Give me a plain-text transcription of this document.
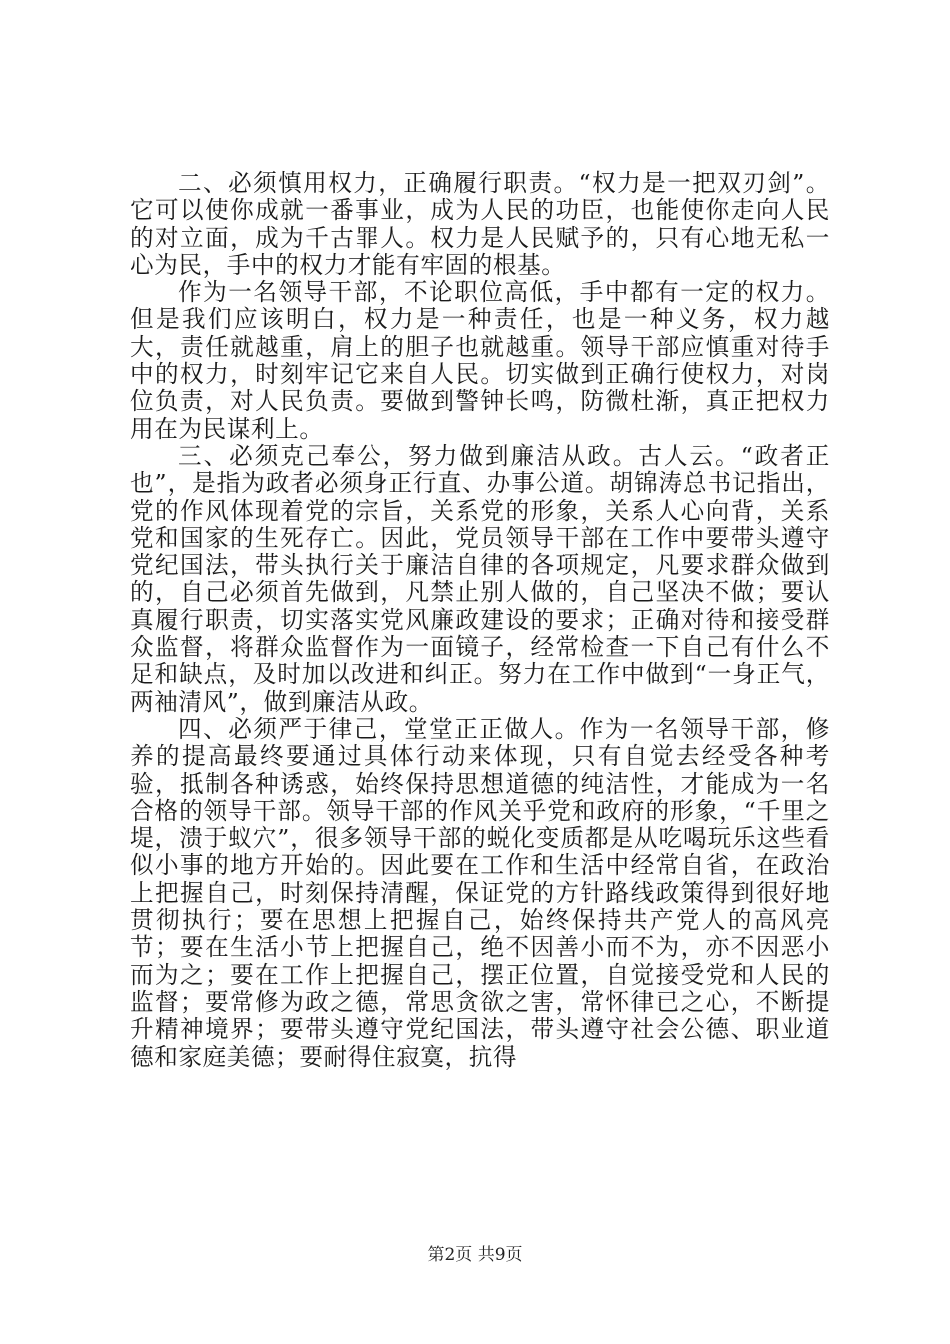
二、必须慎用权力，正确履行职责。“权力是一把双刃剑”。它可以使你成就一番事业，成为人民的功臣，也能使你走向人民的对立面，成为千古罪人。权力是人民赋予的，只有心地无私一心为民，手中的权力才能有牢固的根基。

作为一名领导干部，不论职位高低，手中都有一定的权力。但是我们应该明白，权力是一种责任，也是一种义务，权力越大，责任就越重，肩上的胆子也就越重。领导干部应慎重对待手中的权力，时刻牢记它来自人民。切实做到正确行使权力，对岗位负责，对人民负责。要做到警钟长鸣，防微杜渐，真正把权力用在为民谋利上。

三、必须克己奉公，努力做到廉洁从政。古人云。“政者正也”，是指为政者必须身正行直、办事公道。胡锦涛总书记指出，党的作风体现着党的宗旨，关系党的形象，关系人心向背，关系党和国家的生死存亡。因此，党员领导干部在工作中要带头遵守党纪国法，带头执行关于廉洁自律的各项规定，凡要求群众做到的，自己必须首先做到，凡禁止别人做的，自己坚决不做；要认真履行职责，切实落实党风廉政建设的要求；正确对待和接受群众监督，将群众监督作为一面镜子，经常检查一下自己有什么不足和缺点，及时加以改进和纠正。努力在工作中做到“一身正气，两袖清风”，做到廉洁从政。

四、必须严于律己，堂堂正正做人。作为一名领导干部，修养的提高最终要通过具体行动来体现，只有自觉去经受各种考验，抵制各种诱惑，始终保持思想道德的纯洁性，才能成为一名合格的领导干部。领导干部的作风关乎党和政府的形象，“千里之堤，溃于蚁穴”，很多领导干部的蜕化变质都是从吃喝玩乐这些看似小事的地方开始的。因此要在工作和生活中经常自省，在政治上把握自己，时刻保持清醒，保证党的方针路线政策得到很好地贯彻执行；要在思想上把握自己，始终保持共产党人的高风亮节；要在生活小节上把握自己，绝不因善小而不为，亦不因恶小而为之；要在工作上把握自己，摆正位置，自觉接受党和人民的监督；要常修为政之德，常思贪欲之害，常怀律已之心，不断提升精神境界；要带头遵守党纪国法，带头遵守社会公德、职业道德和家庭美德；要耐得住寂寞，抗得

第2页 共9页
